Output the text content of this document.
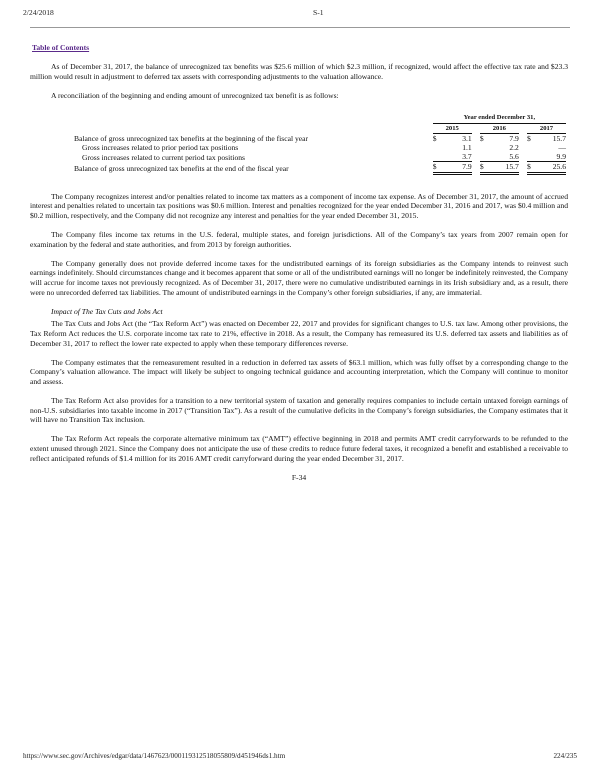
2/24/2018	S-1
Table of Contents

As of December 31, 2017, the balance of unrecognized tax benefits was $25.6 million of which $2.3 million, if recognized, would affect the effective tax rate and $23.3 million would result in adjustment to deferred tax assets with corresponding adjustments to the valuation allowance.

A reconciliation of the beginning and ending amount of unrecognized tax benefit is as follows:

	Year ended December 31,				

	2015		2016		2017
Balance of gross unrecognized tax benefits at the beginning of the fiscal year	$ 3.1		$ 7.9		$ 15.7

Gross increases related to prior period tax positions	1.1		2.2		—

Gross increases related to current period tax positions	3.7		5.6		9.9

Balance of gross unrecognized tax benefits at the end of the fiscal year	$ 7.9		$ 15.7		$ 25.6

The Company recognizes interest and/or penalties related to income tax matters as a component of income tax expense. As of December 31, 2017, the amount of accrued interest and penalties related to uncertain tax positions was $0.6 million. Interest and penalties recognized for the year ended December 31, 2016 and 2017, was $0.4 million and $0.2 million, respectively, and the Company did not recognize any interest and penalties for the year ended December 31, 2015.

The Company files income tax returns in the U.S. federal, multiple states, and foreign jurisdictions. All of the Company’s tax years from 2007 remain open for examination by the federal and state authorities, and from 2013 by foreign authorities.

The Company generally does not provide deferred income taxes for the undistributed earnings of its foreign subsidiaries as the Company intends to reinvest such earnings indefinitely. Should circumstances change and it becomes apparent that some or all of the undistributed earnings will no longer be indefinitely reinvested, the Company will accrue for income taxes not previously recognized. As of December 31, 2017, there were no cumulative undistributed earnings in its Irish subsidiary and, as a result, there were no unrecorded deferred tax liabilities. The amount of undistributed earnings in the Company’s other foreign subsidiaries, if any, are immaterial.

Impact of The Tax Cuts and Jobs Act

The Tax Cuts and Jobs Act (the “Tax Reform Act”) was enacted on December 22, 2017 and provides for significant changes to U.S. tax law. Among other provisions, the Tax Reform Act reduces the U.S. corporate income tax rate to 21%, effective in 2018. As a result, the Company has remeasured its U.S. deferred tax assets and liabilities as of December 31, 2017 to reflect the lower rate expected to apply when these temporary differences reverse.

The Company estimates that the remeasurement resulted in a reduction in deferred tax assets of $63.1 million, which was fully offset by a corresponding change to the Company’s valuation allowance. The impact will likely be subject to ongoing technical guidance and accounting interpretation, which the Company will continue to monitor and assess.

The Tax Reform Act also provides for a transition to a new territorial system of taxation and generally requires companies to include certain untaxed foreign earnings of non-U.S. subsidiaries into taxable income in 2017 (“Transition Tax”). As a result of the cumulative deficits in the Company’s foreign subsidiaries, the Company estimates that it will have no Transition Tax inclusion.

The Tax Reform Act repeals the corporate alternative minimum tax (“AMT”) effective beginning in 2018 and permits AMT credit carryforwards to be refunded to the extent unused through 2021. Since the Company does not anticipate the use of these credits to reduce future federal taxes, it recognized a benefit and established a receivable to reflect anticipated refunds of $1.4 million for its 2016 AMT credit carryforward during the year ended December 31, 2017.

F-34

https://www.sec.gov/Archives/edgar/data/1467623/000119312518055809/d451946ds1.htm	224/235
